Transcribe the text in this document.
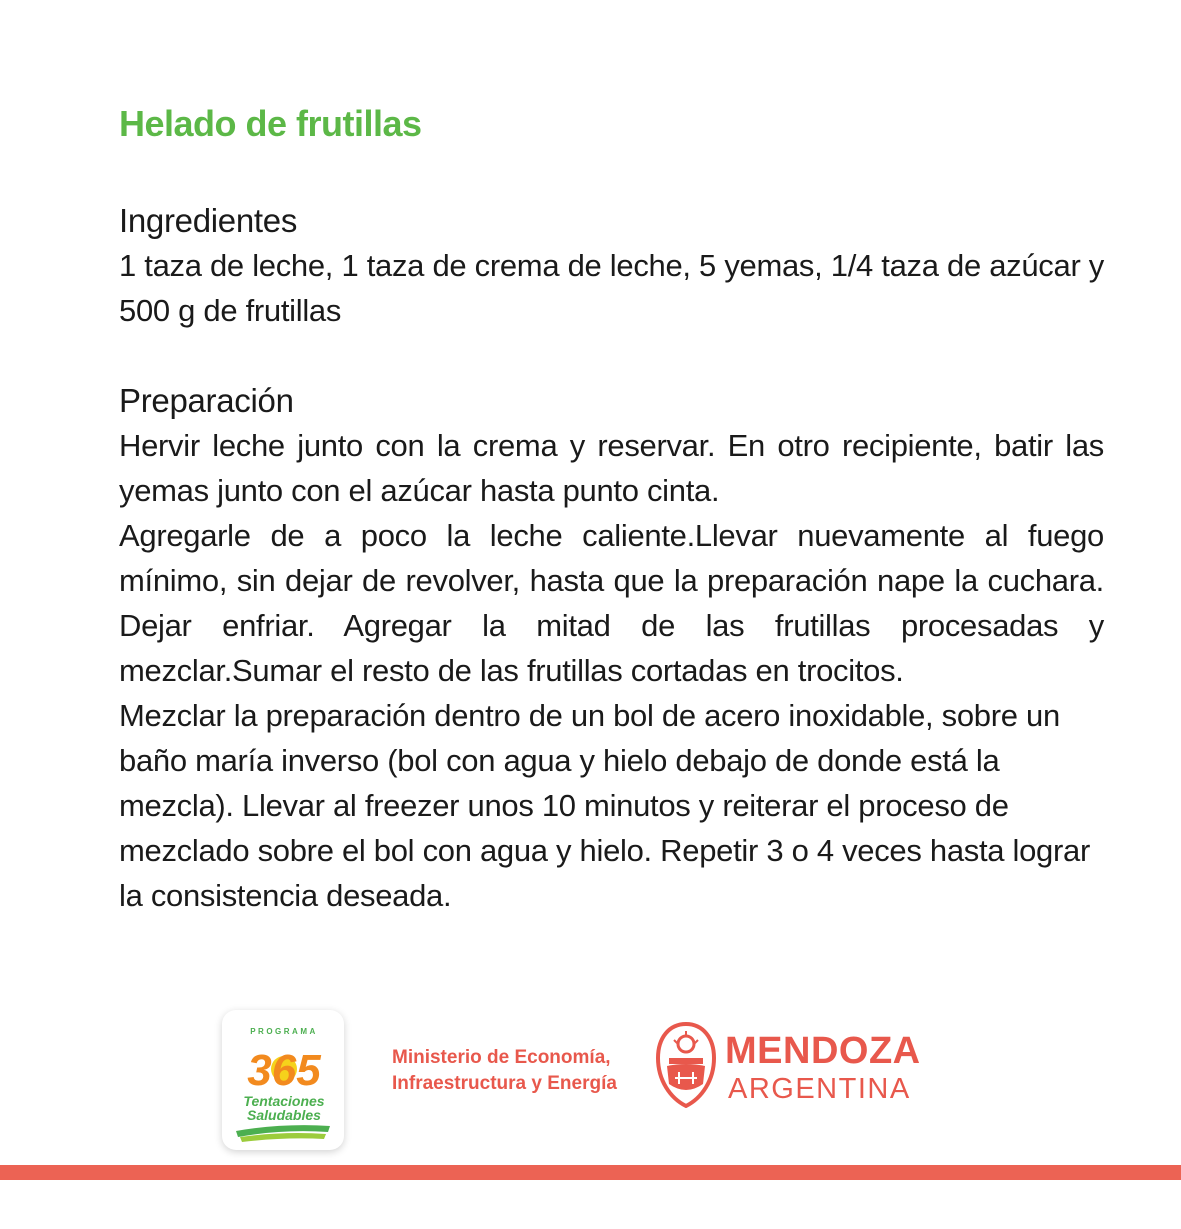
Helado de frutillas
Ingredientes

1 taza de leche, 1 taza de crema de leche, 5 yemas, 1/4 taza de azúcar y 500 g de frutillas

Preparación

Hervir leche junto con la crema y reservar. En otro recipiente, batir las yemas junto con el azúcar hasta punto cinta.

Agregarle de a poco la leche caliente.Llevar nuevamente al fuego mínimo, sin dejar de revolver, hasta que la preparación nape la cuchara. Dejar enfriar. Agregar la mitad de las frutillas procesadas y mezclar.Sumar el resto de las frutillas cortadas en trocitos.

Mezclar la preparación dentro de un bol de acero inoxidable, sobre un baño maría inverso (bol con agua y hielo debajo de donde está la mezcla). Llevar al freezer unos 10 minutos y reiterar el proceso de mezclado sobre el bol con agua y hielo. Repetir 3 o 4 veces hasta lograr la consistencia deseada.

PROGRAMA
365
Tentaciones
Saludables
Ministerio de Economía,
Infraestructura y Energía
MENDOZA
ARGENTINA
